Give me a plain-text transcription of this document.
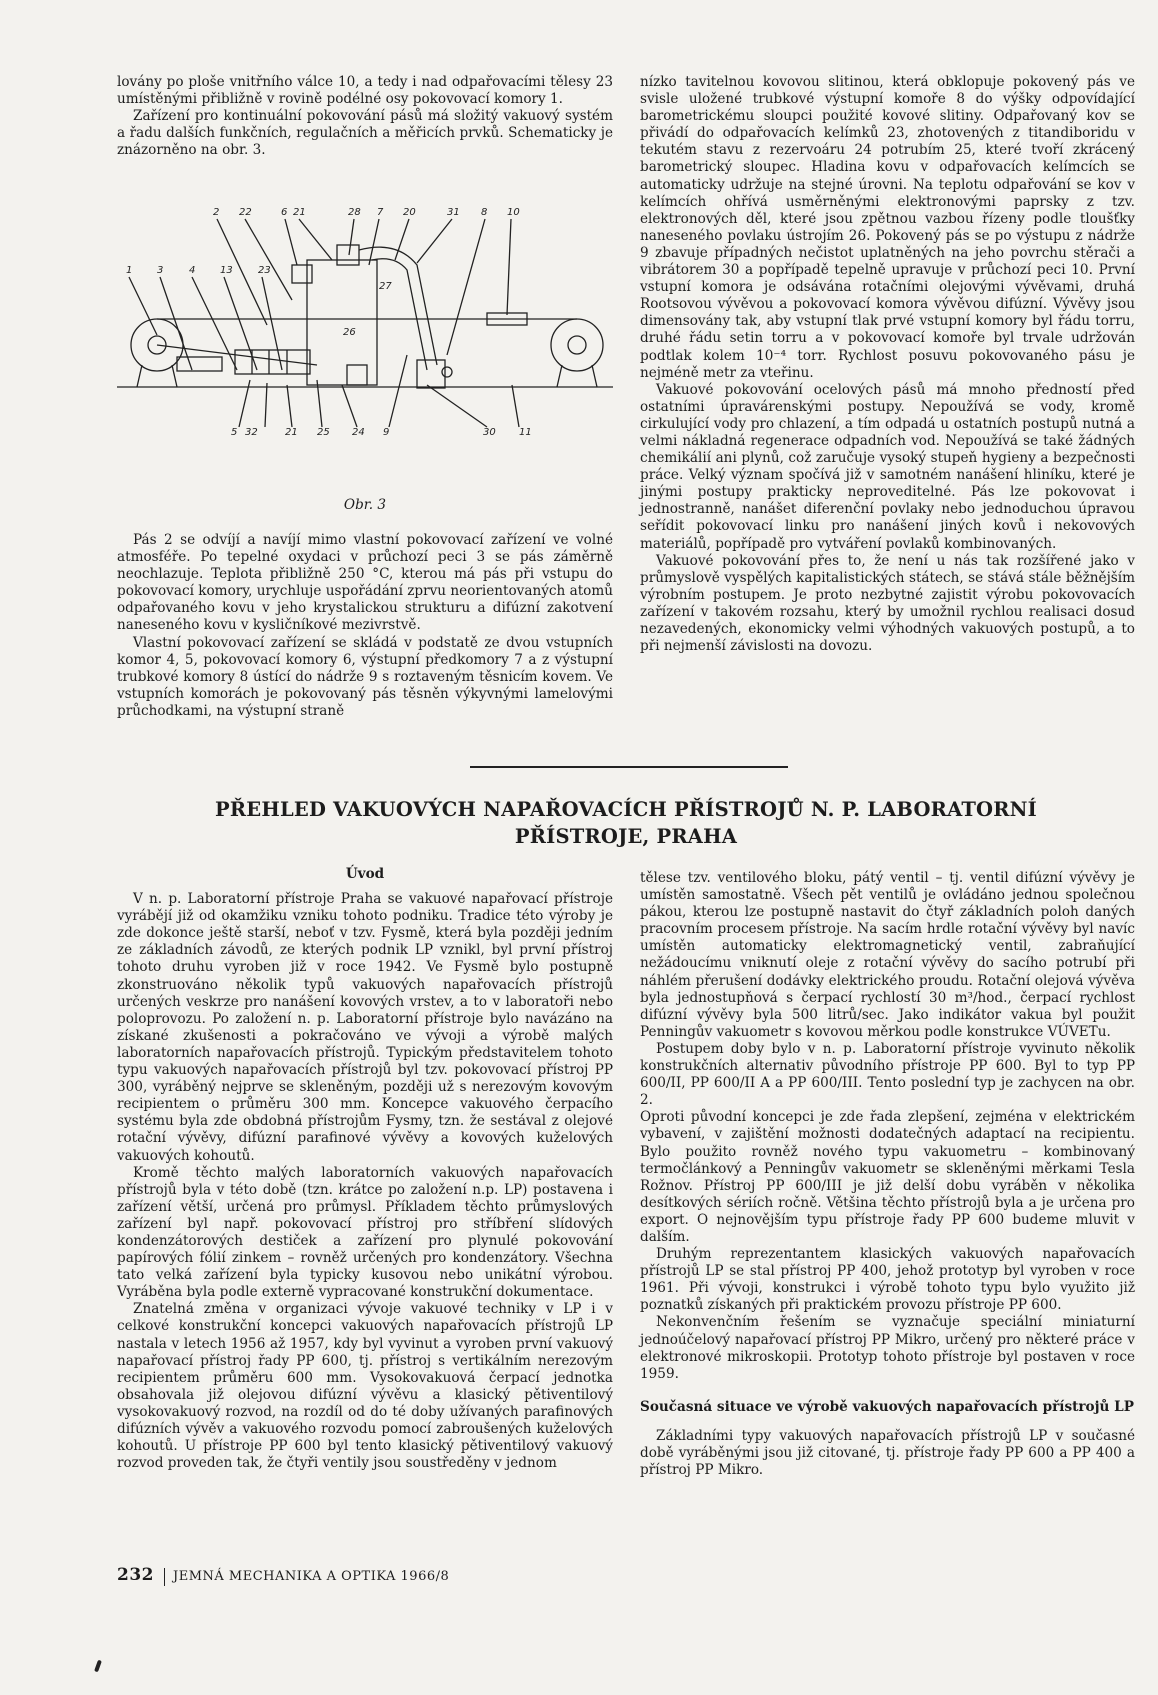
lovány po ploše vnitřního válce 10, a tedy i nad odpařovacími tělesy 23 umístěnými přibližně v rovině podélné osy pokovovací komory 1.

Zařízení pro kontinuální pokovování pásů má složitý vakuový systém a řadu dalších funkčních, regulačních a měřicích prvků. Schematicky je znázorněno na obr. 3.

2 22	6 21	28 7 20	31 8 10
1 3	4 13	23
27
26
5 32	21 25 24 9	30 11
Obr. 3

Pás 2 se odvíjí a navíjí mimo vlastní pokovovací zařízení ve volné atmosféře. Po tepelné oxydaci v průchozí peci 3 se pás záměrně neochlazuje. Teplota přibližně 250 °C, kterou má pás při vstupu do pokovovací komory, urychluje uspořádání zprvu neorientovaných atomů odpařovaného kovu v jeho krystalickou strukturu a difúzní zakotvení naneseného kovu v kysličníkové mezivrstvě.

Vlastní pokovovací zařízení se skládá v podstatě ze dvou vstupních komor 4, 5, pokovovací komory 6, výstupní předkomory 7 a z výstupní trubkové komory 8 ústící do nádrže 9 s roztaveným těsnicím kovem. Ve vstupních komorách je pokovovaný pás těsněn výkyvnými lamelovými průchodkami, na výstupní straně

nízko tavitelnou kovovou slitinou, která obklopuje pokovený pás ve svisle uložené trubkové výstupní komoře 8 do výšky odpovídající barometrickému sloupci použité kovové slitiny. Odpařovaný kov se přivádí do odpařovacích kelímků 23, zhotovených z titandiboridu v tekutém stavu z rezervoáru 24 potrubím 25, které tvoří zkrácený barometrický sloupec. Hladina kovu v odpařovacích kelímcích se automaticky udržuje na stejné úrovni. Na teplotu odpařování se kov v kelímcích ohřívá usměrněnými elektronovými paprsky z tzv. elektronových děl, které jsou zpětnou vazbou řízeny podle tloušťky naneseného povlaku ústrojím 26. Pokovený pás se po výstupu z nádrže 9 zbavuje případných nečistot uplatněných na jeho povrchu stěrači a vibrátorem 30 a popřípadě tepelně upravuje v průchozí peci 10. První vstupní komora je odsávána rotačními olejovými vývěvami, druhá Rootsovou vývěvou a pokovovací komora vývěvou difúzní. Vývěvy jsou dimensovány tak, aby vstupní tlak prvé vstupní komory byl řádu torru, druhé řádu setin torru a v pokovovací komoře byl trvale udržován podtlak kolem 10⁻⁴ torr. Rychlost posuvu pokovovaného pásu je nejméně metr za vteřinu.

Vakuové pokovování ocelových pásů má mnoho předností před ostatními úpravárenskými postupy. Nepoužívá se vody, kromě cirkulující vody pro chlazení, a tím odpadá u ostatních postupů nutná a velmi nákladná regenerace odpadních vod. Nepoužívá se také žádných chemikálií ani plynů, což zaručuje vysoký stupeň hygieny a bezpečnosti práce. Velký význam spočívá již v samotném nanášení hliníku, které je jinými postupy prakticky neproveditelné. Pás lze pokovovat i jednostranně, nanášet diferenční povlaky nebo jednoduchou úpravou seřídit pokovovací linku pro nanášení jiných kovů i nekovových materiálů, popřípadě pro vytváření povlaků kombinovaných.

Vakuové pokovování přes to, že není u nás tak rozšířené jako v průmyslově vyspělých kapitalistických státech, se stává stále běžnějším výrobním postupem. Je proto nezbytné zajistit výrobu pokovovacích zařízení v takovém rozsahu, který by umožnil rychlou realisaci dosud nezavedených, ekonomicky velmi výhodných vakuových postupů, a to při nejmenší závislosti na dovozu.

PŘEHLED VAKUOVÝCH NAPAŘOVACÍCH PŘÍSTROJŮ N. P. LABORATORNÍ
PŘÍSTROJE, PRAHA
Úvod

V n. p. Laboratorní přístroje Praha se vakuové napařovací přístroje vyrábějí již od okamžiku vzniku tohoto podniku. Tradice této výroby je zde dokonce ještě starší, neboť v tzv. Fysmě, která byla později jedním ze základních závodů, ze kterých podnik LP vznikl, byl první přístroj tohoto druhu vyroben již v roce 1942. Ve Fysmě bylo postupně zkonstruováno několik typů vakuových napařovacích přístrojů určených veskrze pro nanášení kovových vrstev, a to v laboratoři nebo poloprovozu. Po založení n. p. Laboratorní přístroje bylo navázáno na získané zkušenosti a pokračováno ve vývoji a výrobě malých laboratorních napařovacích přístrojů. Typickým představitelem tohoto typu vakuových napařovacích přístrojů byl tzv. pokovovací přístroj PP 300, vyráběný nejprve se skleněným, později už s nerezovým kovovým recipientem o průměru 300 mm. Koncepce vakuového čerpacího systému byla zde obdobná přístrojům Fysmy, tzn. že sestával z olejové rotační vývěvy, difúzní parafinové vývěvy a kovových kuželových vakuových kohoutů.

Kromě těchto malých laboratorních vakuových napařovacích přístrojů byla v této době (tzn. krátce po založení n.p. LP) postavena i zařízení větší, určená pro průmysl. Příkladem těchto průmyslových zařízení byl např. pokovovací přístroj pro stříbření slídových kondenzátorových destiček a zařízení pro plynulé pokovování papírových fólií zinkem – rovněž určených pro kondenzátory. Všechna tato velká zařízení byla typicky kusovou nebo unikátní výrobou. Vyráběna byla podle externě vypracované konstrukční dokumentace.

Znatelná změna v organizaci vývoje vakuové techniky v LP i v celkové konstrukční koncepci vakuových napařovacích přístrojů LP nastala v letech 1956 až 1957, kdy byl vyvinut a vyroben první vakuový napařovací přístroj řady PP 600, tj. přístroj s vertikálním nerezovým recipientem průměru 600 mm. Vysokovakuová čerpací jednotka obsahovala již olejovou difúzní vývěvu a klasický pětiventilový vysokovakuový rozvod, na rozdíl od do té doby užívaných parafinových difúzních vývěv a vakuového rozvodu pomocí zabroušených kuželových kohoutů. U přístroje PP 600 byl tento klasický pětiventilový vakuový rozvod proveden tak, že čtyři ventily jsou soustředěny v jednom

tělese tzv. ventilového bloku, pátý ventil – tj. ventil difúzní vývěvy je umístěn samostatně. Všech pět ventilů je ovládáno jednou společnou pákou, kterou lze postupně nastavit do čtyř základních poloh daných pracovním procesem přístroje. Na sacím hrdle rotační vývěvy byl navíc umístěn automaticky elektromagnetický ventil, zabraňující nežádoucímu vniknutí oleje z rotační vývěvy do sacího potrubí při náhlém přerušení dodávky elektrického proudu. Rotační olejová vývěva byla jednostupňová s čerpací rychlostí 30 m³/hod., čerpací rychlost difúzní vývěvy byla 500 litrů/sec. Jako indikátor vakua byl použit Penningův vakuometr s kovovou měrkou podle konstrukce VÚVETu.

Postupem doby bylo v n. p. Laboratorní přístroje vyvinuto několik konstrukčních alternativ původního přístroje PP 600. Byl to typ PP 600/II, PP 600/II A a PP 600/III. Tento poslední typ je zachycen na obr. 2.

Oproti původní koncepci je zde řada zlepšení, zejména v elektrickém vybavení, v zajištění možnosti dodatečných adaptací na recipientu. Bylo použito rovněž nového typu vakuometru – kombinovaný termočlánkový a Penningův vakuometr se skleněnými měrkami Tesla Rožnov. Přístroj PP 600/III je již delší dobu vyráběn v několika desítkových sériích ročně. Většina těchto přístrojů byla a je určena pro export. O nejnovějším typu přístroje řady PP 600 budeme mluvit v dalším.

Druhým reprezentantem klasických vakuových napařovacích přístrojů LP se stal přístroj PP 400, jehož prototyp byl vyroben v roce 1961. Při vývoji, konstrukci i výrobě tohoto typu bylo využito již poznatků získaných při praktickém provozu přístroje PP 600.

Nekonvenčním řešením se vyznačuje speciální miniaturní jednoúčelový napařovací přístroj PP Mikro, určený pro některé práce v elektronové mikroskopii. Prototyp tohoto přístroje byl postaven v roce 1959.

Současná situace ve výrobě vakuových napařovacích přístrojů LP

Základními typy vakuových napařovacích přístrojů LP v současné době vyráběnými jsou již citované, tj. přístroje řady PP 600 a PP 400 a přístroj PP Mikro.

232 JEMNÁ MECHANIKA A OPTIKA 1966/8
